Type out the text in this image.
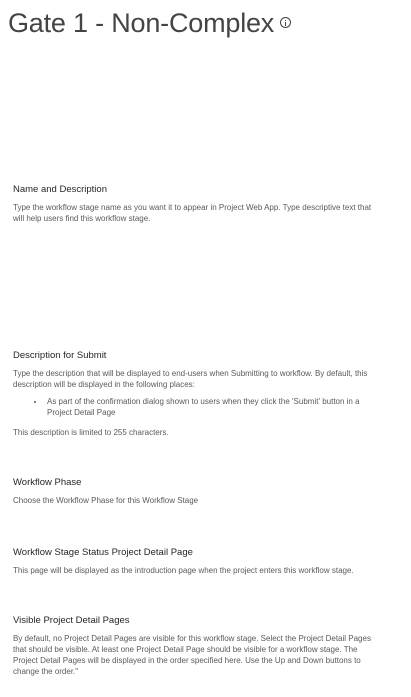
Gate 1 - Non-Complex
Name and Description

Type the workflow stage name as you want it to appear in Project Web App. Type descriptive text that will help users find this workflow stage.

Description for Submit

Type the description that will be displayed to end-users when Submitting to workflow. By default, this description will be displayed in the following places:

• As part of the confirmation dialog shown to users when they click the 'Submit' button in a Project Detail Page

This description is limited to 255 characters.

Workflow Phase

Choose the Workflow Phase for this Workflow Stage

Workflow Stage Status Project Detail Page

This page will be displayed as the introduction page when the project enters this workflow stage.

Visible Project Detail Pages

By default, no Project Detail Pages are visible for this workflow stage. Select the Project Detail Pages that should be visible. At least one Project Detail Page should be visible for a workflow stage. The Project Detail Pages will be displayed in the order specified here. Use the Up and Down buttons to change the order."
